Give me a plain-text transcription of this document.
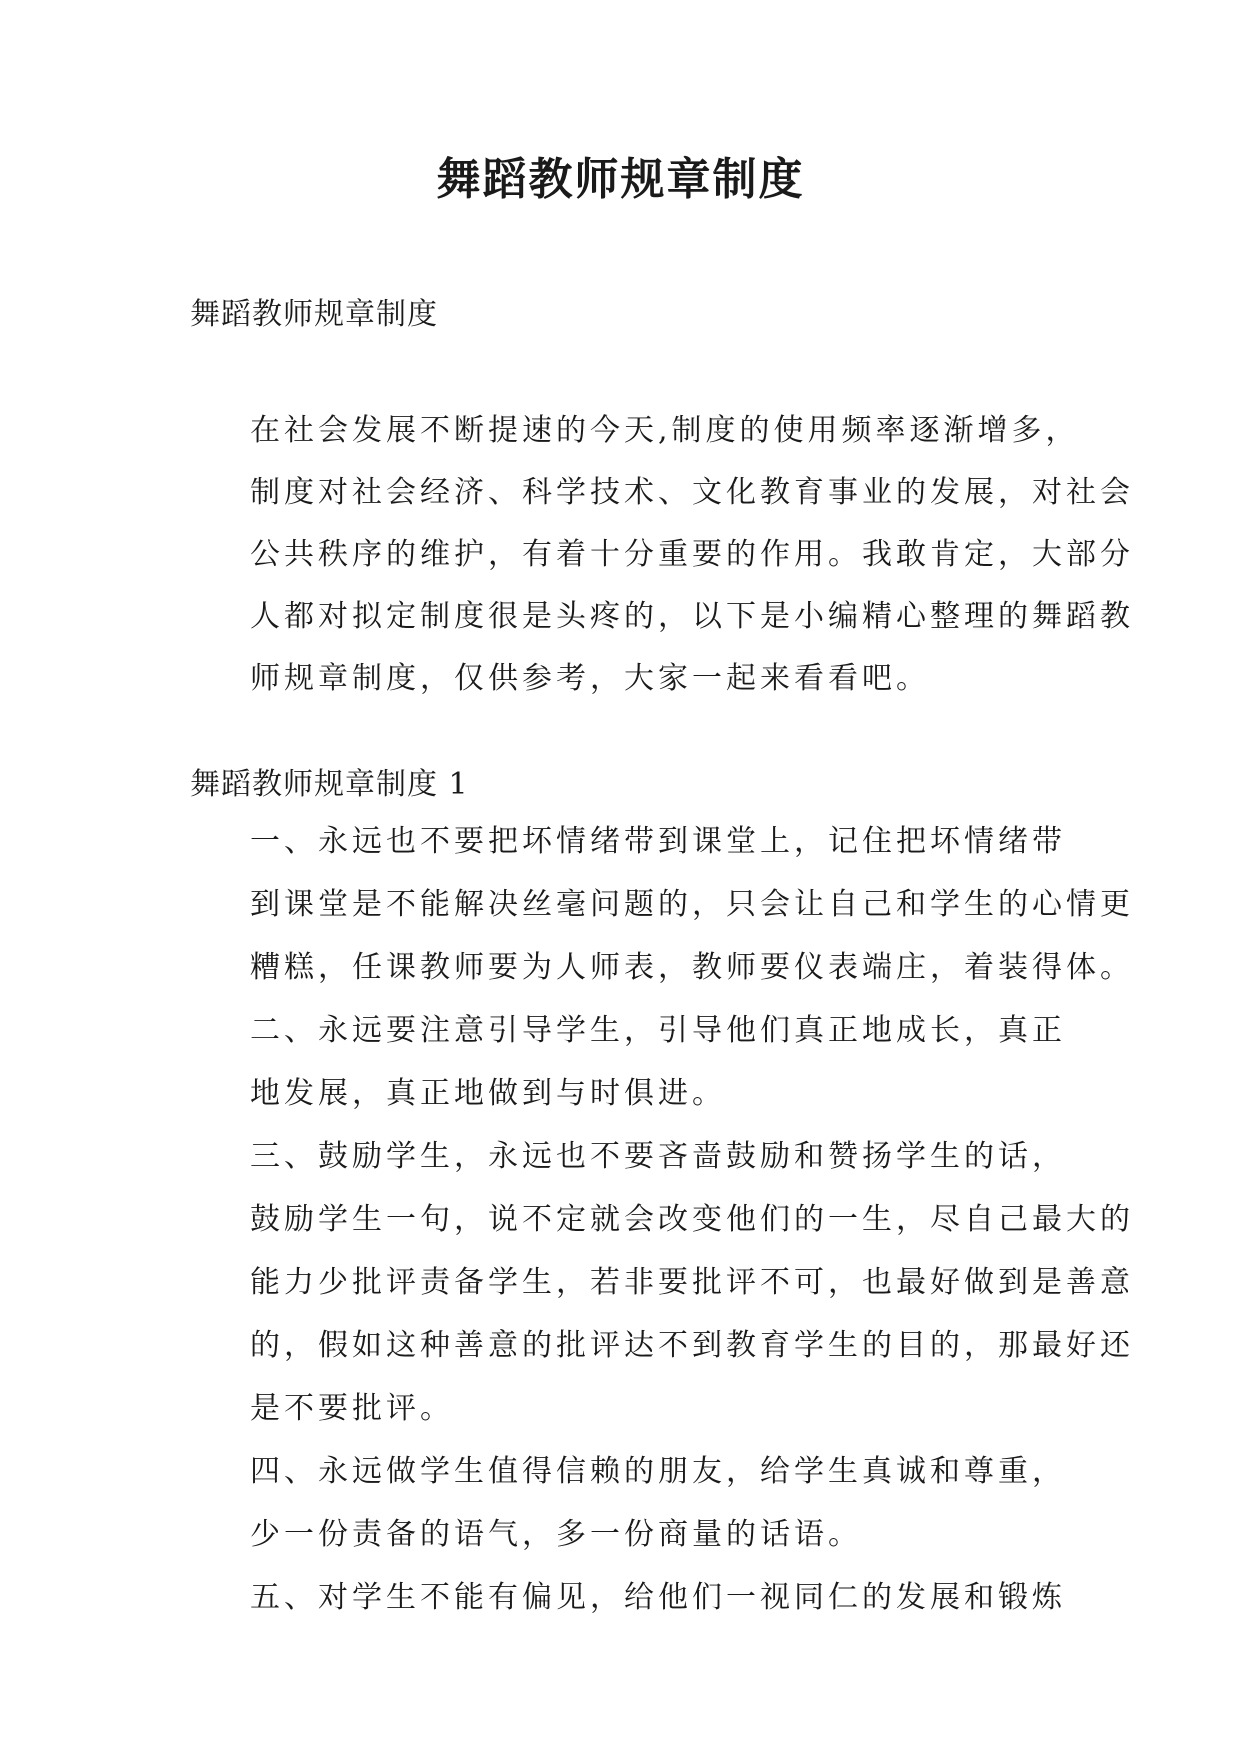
舞蹈教师规章制度
舞蹈教师规章制度

在社会发展不断提速的今天,制度的使用频率逐渐增多，
制度对社会经济、科学技术、文化教育事业的发展，对社会
公共秩序的维护，有着十分重要的作用。我敢肯定，大部分
人都对拟定制度很是头疼的，以下是小编精心整理的舞蹈教
师规章制度，仅供参考，大家一起来看看吧。

舞蹈教师规章制度 1

一、永远也不要把坏情绪带到课堂上，记住把坏情绪带
到课堂是不能解决丝毫问题的，只会让自己和学生的心情更
糟糕，任课教师要为人师表，教师要仪表端庄，着装得体。

二、永远要注意引导学生，引导他们真正地成长，真正
地发展，真正地做到与时俱进。

三、鼓励学生，永远也不要吝啬鼓励和赞扬学生的话，
鼓励学生一句，说不定就会改变他们的一生，尽自己最大的
能力少批评责备学生，若非要批评不可，也最好做到是善意
的，假如这种善意的批评达不到教育学生的目的，那最好还
是不要批评。

四、永远做学生值得信赖的朋友，给学生真诚和尊重，
少一份责备的语气，多一份商量的话语。

五、对学生不能有偏见，给他们一视同仁的发展和锻炼
